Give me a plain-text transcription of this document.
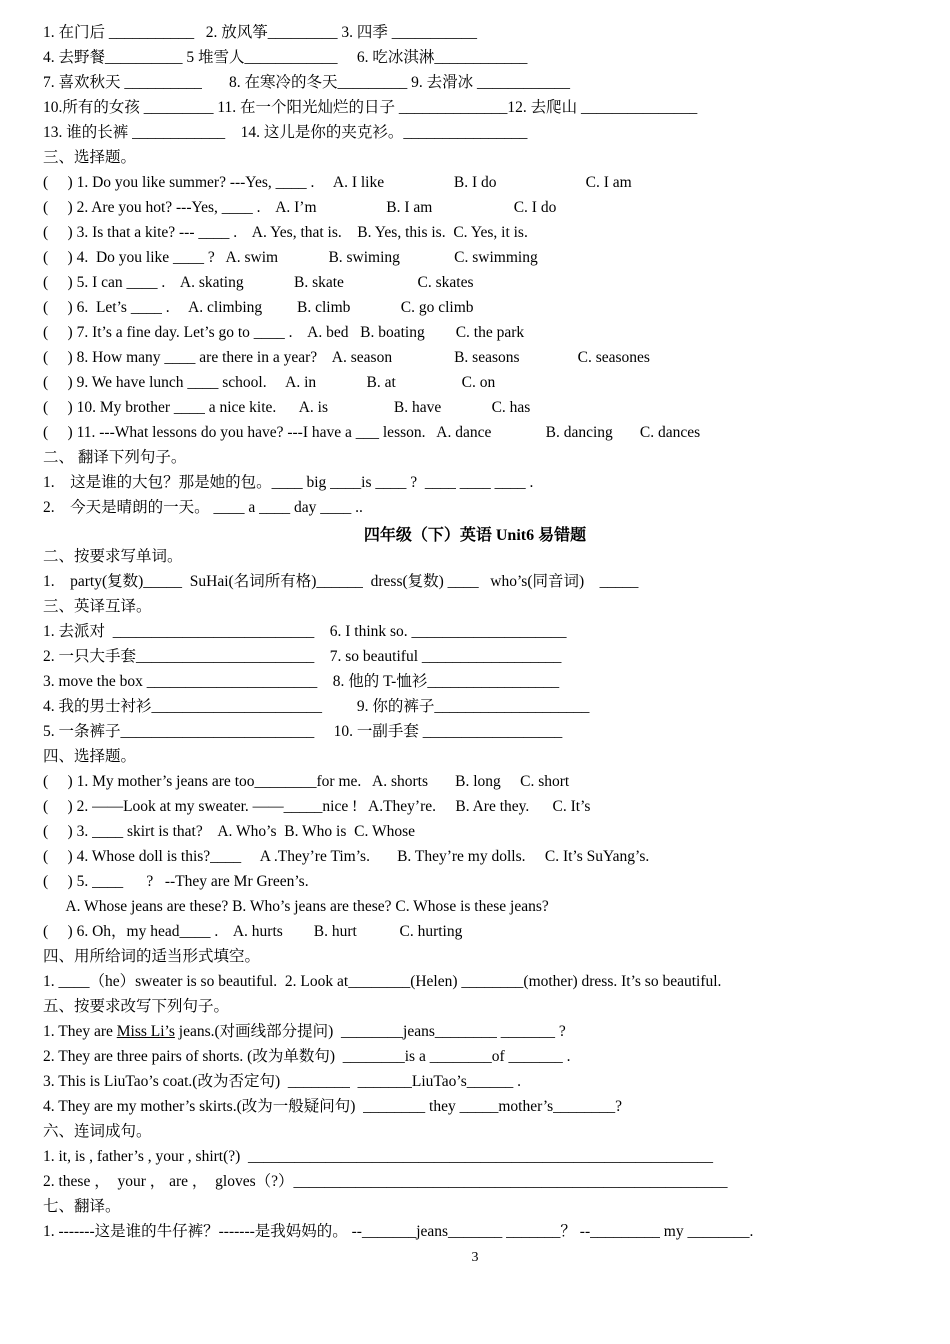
1. 在门后 ___________   2. 放风筝_________ 3. 四季 ___________
4. 去野餐__________ 5 堆雪人____________     6. 吃冰淇淋____________
7. 喜欢秋天 __________       8. 在寒冷的冬天_________ 9. 去滑冰 ____________
10.所有的女孩 _________ 11. 在一个阳光灿烂的日子 ______________12. 去爬山 _______________
13. 谁的长裤 ____________    14. 这儿是你的夹克衫。________________
三、选择题。
(     ) 1. Do you like summer? ---Yes, ____ .     A. I like                  B. I do                       C. I am
(     ) 2. Are you hot? ---Yes, ____ .    A. I’m                  B. I am                     C. I do
(     ) 3. Is that a kite? --- ____ .    A. Yes, that is.    B. Yes, this is.  C. Yes, it is.
(     ) 4.  Do you like ____ ?   A. swim             B. swiming              C. swimming
(     ) 5. I can ____ .    A. skating             B. skate                   C. skates
(     ) 6.  Let’s ____ .     A. climbing         B. climb             C. go climb
(     ) 7. It’s a fine day. Let’s go to ____ .    A. bed   B. boating        C. the park
(     ) 8. How many ____ are there in a year?    A. season                B. seasons               C. seasones
(     ) 9. We have lunch ____ school.     A. in             B. at                 C. on
(     ) 10. My brother ____ a nice kite.      A. is                 B. have             C. has
(     ) 11. ---What lessons do you have? ---I have a ___ lesson.   A. dance              B. dancing       C. dances
二、 翻译下列句子。
1.    这是谁的大包？那是她的包。____ big ____is ____ ?  ____ ____ ____ .
2.    今天是晴朗的一天。 ____ a ____ day ____ ..
四年级（下）英语 Unit6 易错题
二、按要求写单词。
1.    party(复数)_____  SuHai(名词所有格)______  dress(复数) ____   who’s(同音词)    _____
三、英译互译。
1. 去派对  __________________________    6. I think so. ____________________
2. 一只大手套_______________________    7. so beautiful __________________
3. move the box ______________________    8. 他的 T-恤衫_________________
4. 我的男士衬衫______________________         9. 你的裤子____________________
5. 一条裤子_________________________     10. 一副手套 __________________
四、选择题。
(     ) 1. My mother’s jeans are too________for me.   A. shorts       B. long     C. short
(     ) 2. ——Look at my sweater. ——_____nice !   A.They’re.     B. Are they.      C. It’s
(     ) 3. ____ skirt is that?    A. Who’s  B. Who is  C. Whose
(     ) 4. Whose doll is this?____     A .They’re Tim’s.       B. They’re my dolls.     C. It’s SuYang’s.
(     ) 5. ____      ?   --They are Mr Green’s.
A. Whose jeans are these? B. Who’s jeans are these? C. Whose is these jeans?
(     ) 6. Oh，my head____ .    A. hurts        B. hurt           C. hurting
四、用所给词的适当形式填空。
1. ____（he）sweater is so beautiful.  2. Look at________(Helen) ________(mother) dress. It’s so beautiful.
五、按要求改写下列句子。
1. They are Miss Li’s jeans.(对画线部分提问)  ________jeans________ _______ ?
2. They are three pairs of shorts. (改为单数句)  ________is a ________of _______ .
3. This is LiuTao’s coat.(改为否定句)  ________  _______LiuTao’s______ .
4. They are my mother’s skirts.(改为一般疑问句)  ________ they _____mother’s________?
六、连词成句。
1. it, is , father’s , your , shirt(?)  ____________________________________________________________
2. these ，  your ， are ，  gloves（?）________________________________________________________
七、翻译。
1. -------这是谁的牛仔裤？-------是我妈妈的。 --_______jeans_______ _______？ --_________ my ________.
3
